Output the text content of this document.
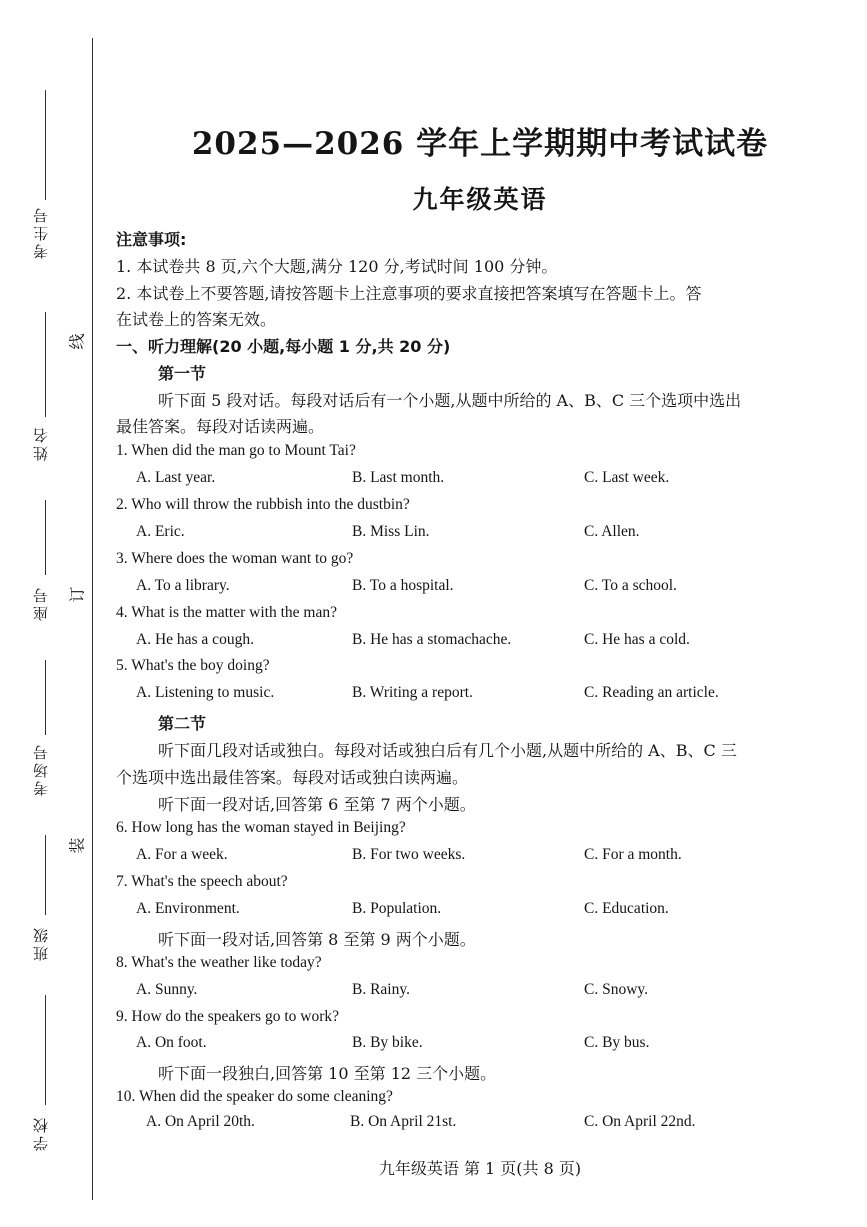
考生号
姓名
座号
考场号
班级
学校
线
订
装
2025—2026 学年上学期期中考试试卷
九年级英语
注意事项:
1. 本试卷共 8 页,六个大题,满分 120 分,考试时间 100 分钟。
2. 本试卷上不要答题,请按答题卡上注意事项的要求直接把答案填写在答题卡上。答
在试卷上的答案无效。
一、听力理解(20 小题,每小题 1 分,共 20 分)
第一节
听下面 5 段对话。每段对话后有一个小题,从题中所给的 A、B、C 三个选项中选出
最佳答案。每段对话读两遍。
1. When did the man go to Mount Tai?
A. Last year.	B. Last month.	C. Last week.
2. Who will throw the rubbish into the dustbin?
A. Eric.	B. Miss Lin.	C. Allen.
3. Where does the woman want to go?
A. To a library.	B. To a hospital.	C. To a school.
4. What is the matter with the man?
A. He has a cough.	B. He has a stomachache.	C. He has a cold.
5. What's the boy doing?
A. Listening to music.	B. Writing a report.	C. Reading an article.
第二节
听下面几段对话或独白。每段对话或独白后有几个小题,从题中所给的 A、B、C 三
个选项中选出最佳答案。每段对话或独白读两遍。
听下面一段对话,回答第 6 至第 7 两个小题。
6. How long has the woman stayed in Beijing?
A. For a week.	B. For two weeks.	C. For a month.
7. What's the speech about?
A. Environment.	B. Population.	C. Education.
听下面一段对话,回答第 8 至第 9 两个小题。
8. What's the weather like today?
A. Sunny.	B. Rainy.	C. Snowy.
9. How do the speakers go to work?
A. On foot.	B. By bike.	C. By bus.
听下面一段独白,回答第 10 至第 12 三个小题。
10. When did the speaker do some cleaning?
A. On April 20th.	B. On April 21st.	C. On April 22nd.
九年级英语 第 1 页(共 8 页)
